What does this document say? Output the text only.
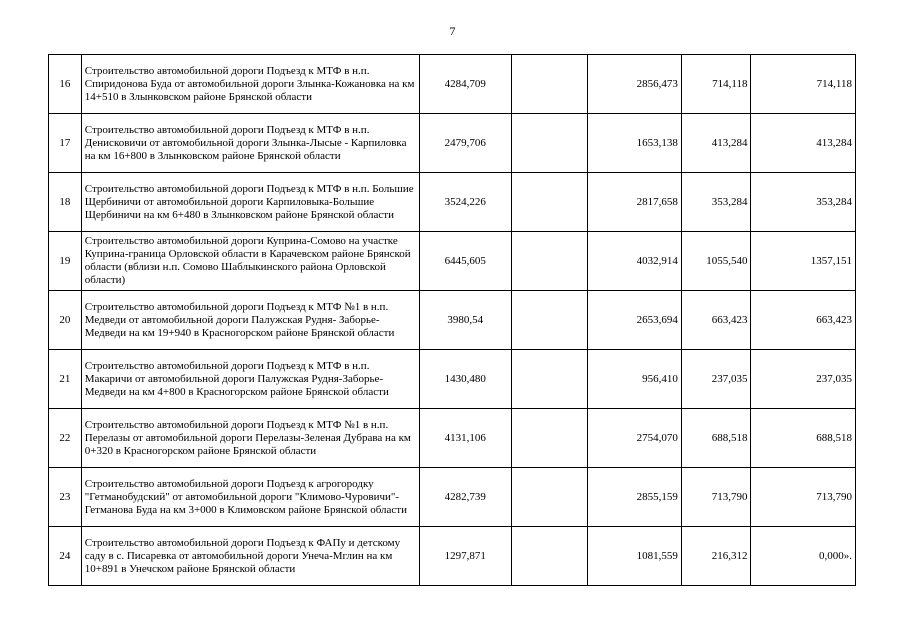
7
16	Строительство автомобильной дороги Подъезд к МТФ в н.п. Спиридонова Буда от автомобильной дороги Злынка-Кожановка на км 14+510 в Злынковском районе Брянской области	4284,709		2856,473	714,118	714,118
17	Строительство автомобильной дороги Подъезд к МТФ в н.п. Денисковичи от автомобильной дороги Злынка-Лысые - Карпиловка на км 16+800 в Злынковском районе Брянской области	2479,706		1653,138	413,284	413,284
18	Строительство автомобильной дороги Подъезд к МТФ в н.п. Большие Щербиничи от автомобильной дороги Карпиловыка-Большие Щербиничи на км 6+480 в Злынковском районе Брянской области	3524,226		2817,658	353,284	353,284
19	Строительство автомобильной дороги Куприна-Сомово на участке Куприна-граница Орловской области в Карачевском районе Брянской области (вблизи н.п. Сомово Шаблыкинского района Орловской области)	6445,605		4032,914	1055,540	1357,151
20	Строительство автомобильной дороги Подъезд к МТФ №1 в н.п. Медведи от автомобильной дороги Палужская Рудня- Заборье- Медведи на км 19+940 в Красногорском районе Брянской области	3980,54		2653,694	663,423	663,423
21	Строительство автомобильной дороги Подъезд к МТФ в н.п. Макаричи от автомобильной дороги Палужская Рудня-Заборье-Медведи на км 4+800 в Красногорском районе Брянской области	1430,480		956,410	237,035	237,035
22	Строительство автомобильной дороги Подъезд к МТФ №1 в н.п. Перелазы от автомобильной дороги Перелазы-Зеленая Дубрава на км 0+320 в Красногорском районе Брянской области	4131,106		2754,070	688,518	688,518
23	Строительство автомобильной дороги Подъезд к агрогородку "Гетманобудский" от автомобильной дороги "Климово-Чуровичи"-Гетманова Буда на км 3+000 в Климовском районе Брянской области	4282,739		2855,159	713,790	713,790
24	Строительство автомобильной дороги Подъезд к ФАПу и детскому саду в с. Писаревка от автомобильной дороги Унеча-Мглин на км 10+891 в Унечском районе Брянской области	1297,871		1081,559	216,312	0,000».
